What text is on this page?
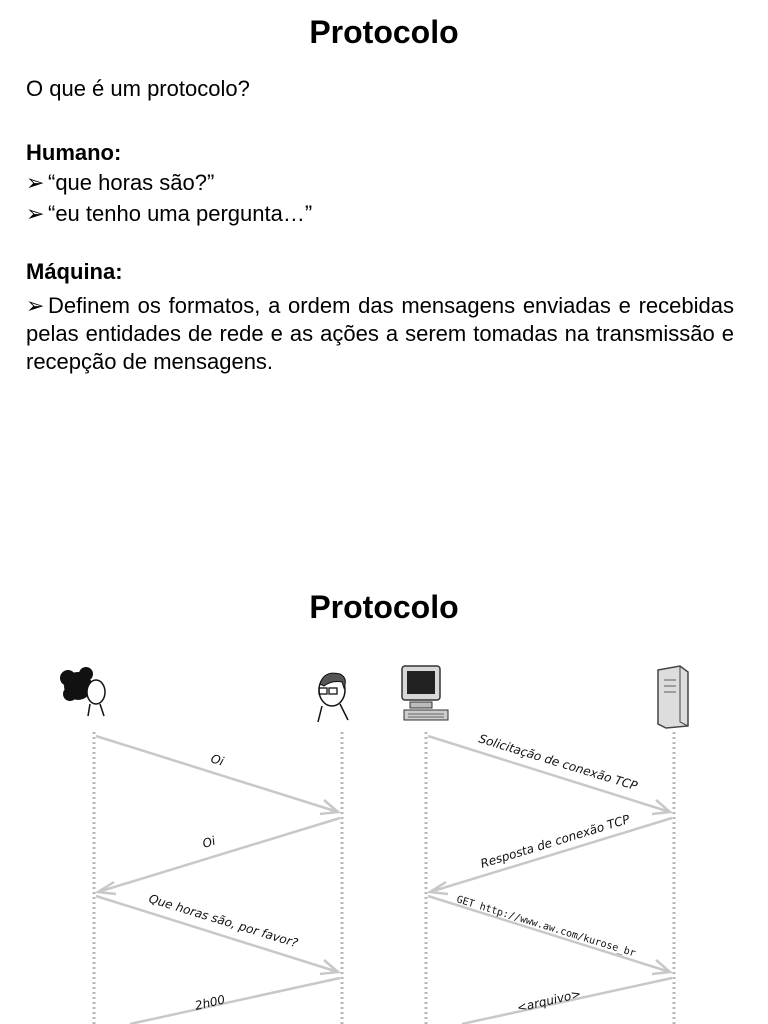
Protocolo
O que é um protocolo?
Humano:
➢ “que horas são?”
➢ “eu tenho uma pergunta…”
Máquina:
➢ Definem os formatos, a ordem das mensagens enviadas e recebidas pelas entidades de rede e as ações a serem tomadas na transmissão e recepção de mensagens.
Protocolo
Oi
Oi
Que horas são, por favor?
2h00
Solicitação de conexão TCP
Resposta de conexão TCP
GET http://www.aw.com/kurose_br
<arquivo>
